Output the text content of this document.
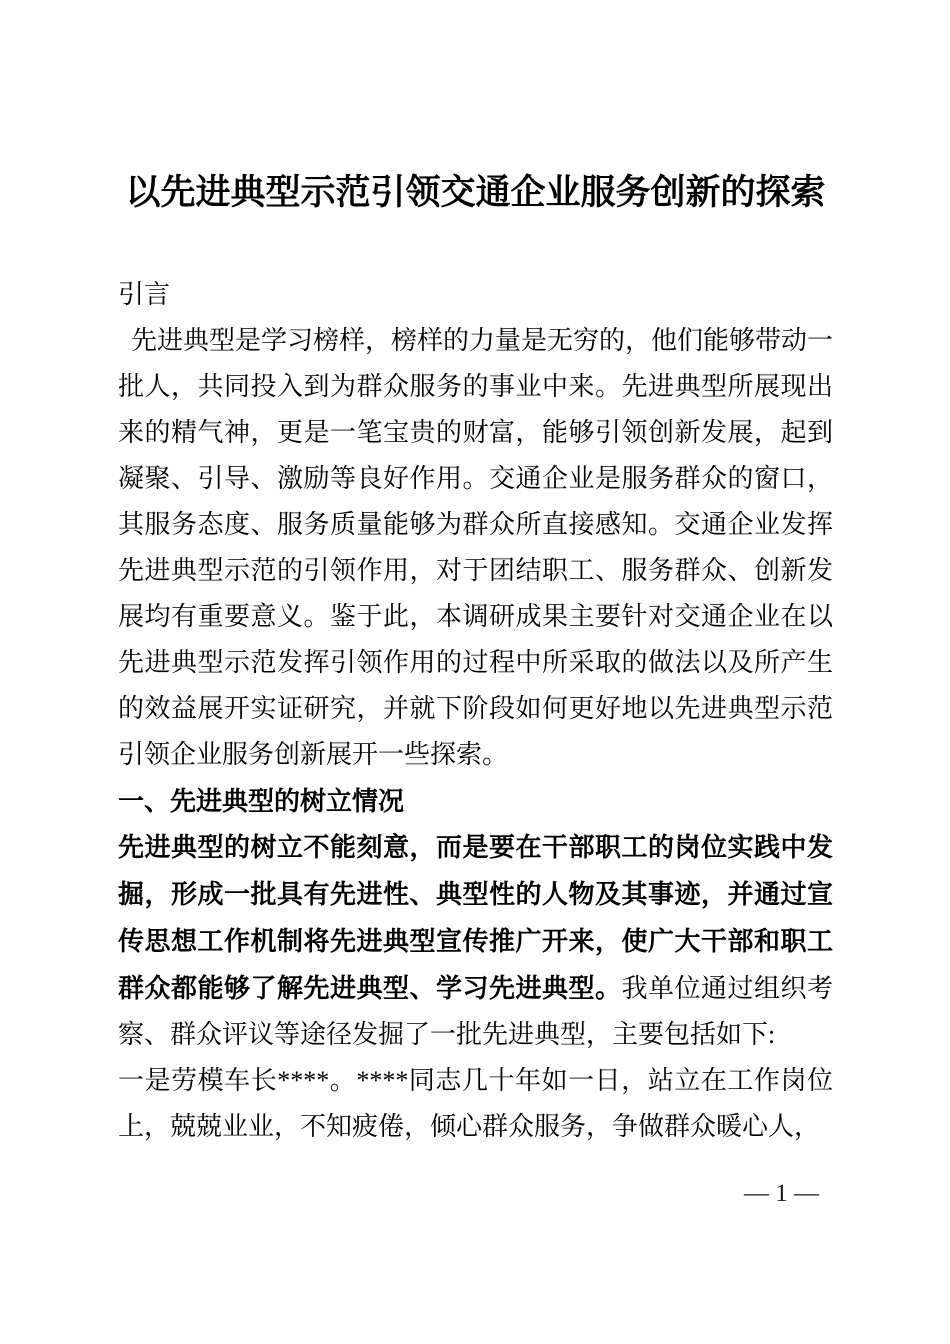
以先进典型示范引领交通企业服务创新的探索
引言

先进典型是学习榜样，榜样的力量是无穷的，他们能够带动一批人，共同投入到为群众服务的事业中来。先进典型所展现出来的精气神，更是一笔宝贵的财富，能够引领创新发展，起到凝聚、引导、激励等良好作用。交通企业是服务群众的窗口，其服务态度、服务质量能够为群众所直接感知。交通企业发挥先进典型示范的引领作用，对于团结职工、服务群众、创新发展均有重要意义。鉴于此，本调研成果主要针对交通企业在以先进典型示范发挥引领作用的过程中所采取的做法以及所产生的效益展开实证研究，并就下阶段如何更好地以先进典型示范引领企业服务创新展开一些探索。

一、先进典型的树立情况

先进典型的树立不能刻意，而是要在干部职工的岗位实践中发掘，形成一批具有先进性、典型性的人物及其事迹，并通过宣传思想工作机制将先进典型宣传推广开来，使广大干部和职工群众都能够了解先进典型、学习先进典型。我单位通过组织考察、群众评议等途径发掘了一批先进典型，主要包括如下:

一是劳模车长****。****同志几十年如一日，站立在工作岗位上，兢兢业业，不知疲倦，倾心群众服务，争做群众暖心人，

— 1 —
